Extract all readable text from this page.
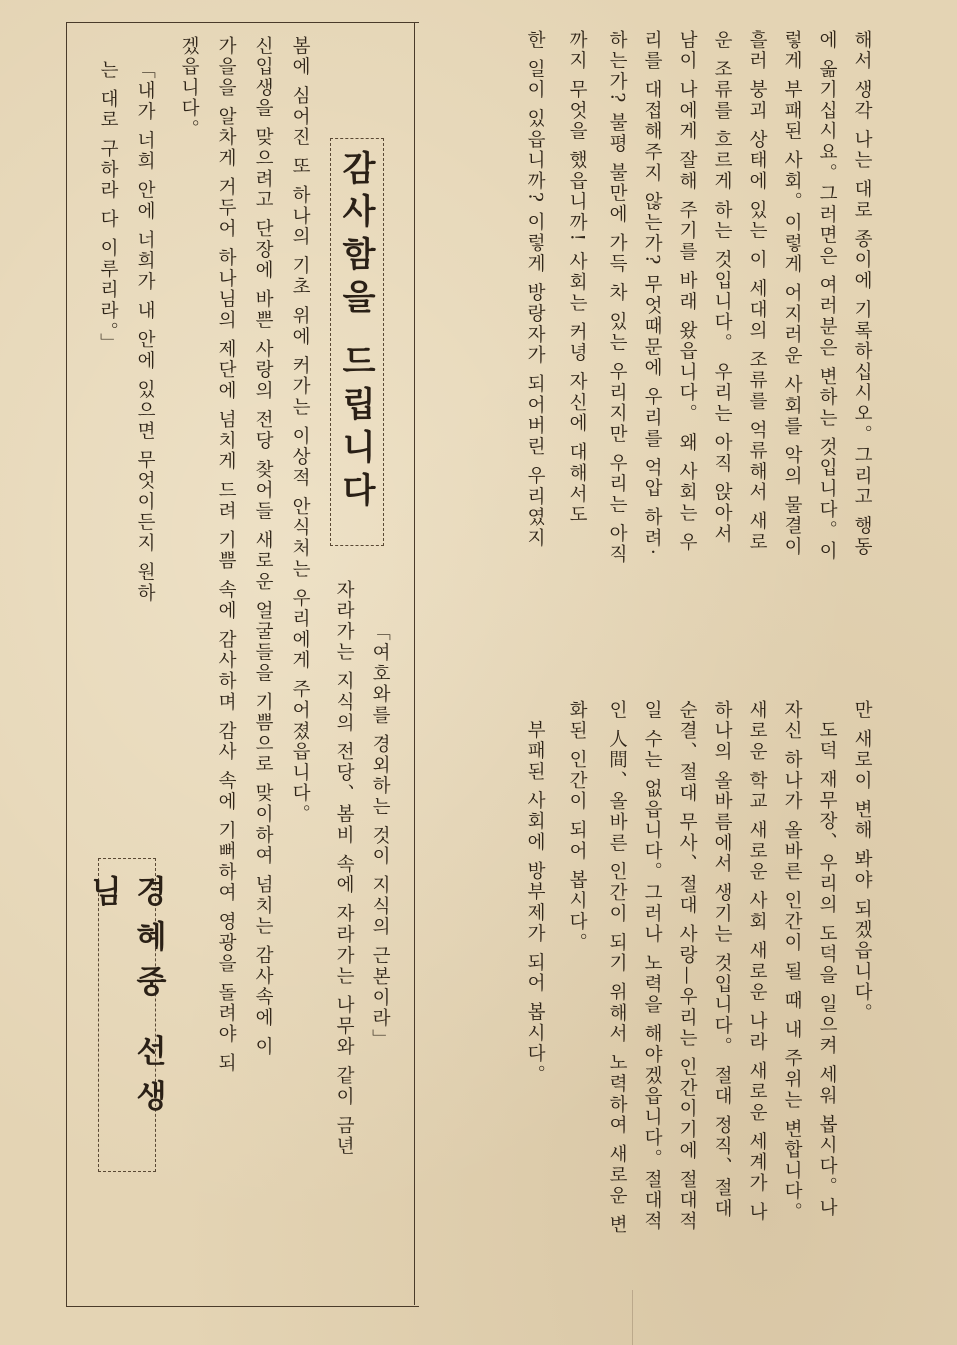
해서 생각 나는 대로 종이에 기록하십시오。그리고 행동
에 옮기십시요。그러면은 여러분은 변하는 것입니다。이
렇게 부패된 사회。이렇게 어지러운 사회를 악의 물결이
흘러 붕괴 상태에 있는 이 세대의 조류를 억류해서 새로
운 조류를 흐르게 하는 것입니다。 우리는 아직 앉아서
남이 나에게 잘해 주기를 바래 왔읍니다。 왜 사회는 우
리를 대접해주지 않는가? 무엇때문에 우리를 억압 하려·
하는가? 불평 불만에 가득 차 있는 우리지만 우리는 아직
까지 무엇을 했읍니까! 사회는 커녕 자신에 대해서도
한 일이 있읍니까? 이렇게 방랑자가 되어버린 우리였지
만 새로이 변해 봐야 되겠읍니다。
도덕 재무장、우리의 도덕을 일으켜 세워 봅시다。나
자신 하나가 올바른 인간이 될 때 내 주위는 변합니다。
새로운 학교 새로운 사회 새로운 나라 새로운 세계가 나
하나의 올바름에서 생기는 것입니다。 절대 정직、절대
순결、절대 무사、절대 사랑—우리는 인간이기에 절대적
일 수는 없읍니다。그러나 노력을 해야겠읍니다。절대적
인 人間、올바른 인간이 되기 위해서 노력하여 새로운 변
화된 인간이 되어 봅시다。
부패된 사회에 방부제가 되어 봅시다。
감사함을 드립니다
「여호와를 경외하는 것이 지식의 근본이라」
자라가는 지식의 전당、봄비 속에 자라가는 나무와 같이 금년
봄에 심어진 또 하나의 기초 위에 커가는 이상적 안식처는 우리에게 주어졌읍니다。
신입생을 맞으려고 단장에 바쁜 사랑의 전당 찾어들 새로운 얼굴들을 기쁨으로 맞이하여 넘치는 감사속에 이
가을을 알차게 거두어 하나님의 제단에 넘치게 드려 기쁨 속에 감사하며 감사 속에 기뻐하여 영광을 돌려야 되
겠읍니다。
「내가 너희 안에 너희가 내 안에 있으면 무엇이든지 원하
는 대로 구하라 다 이루리라。」
경혜중 선생님
